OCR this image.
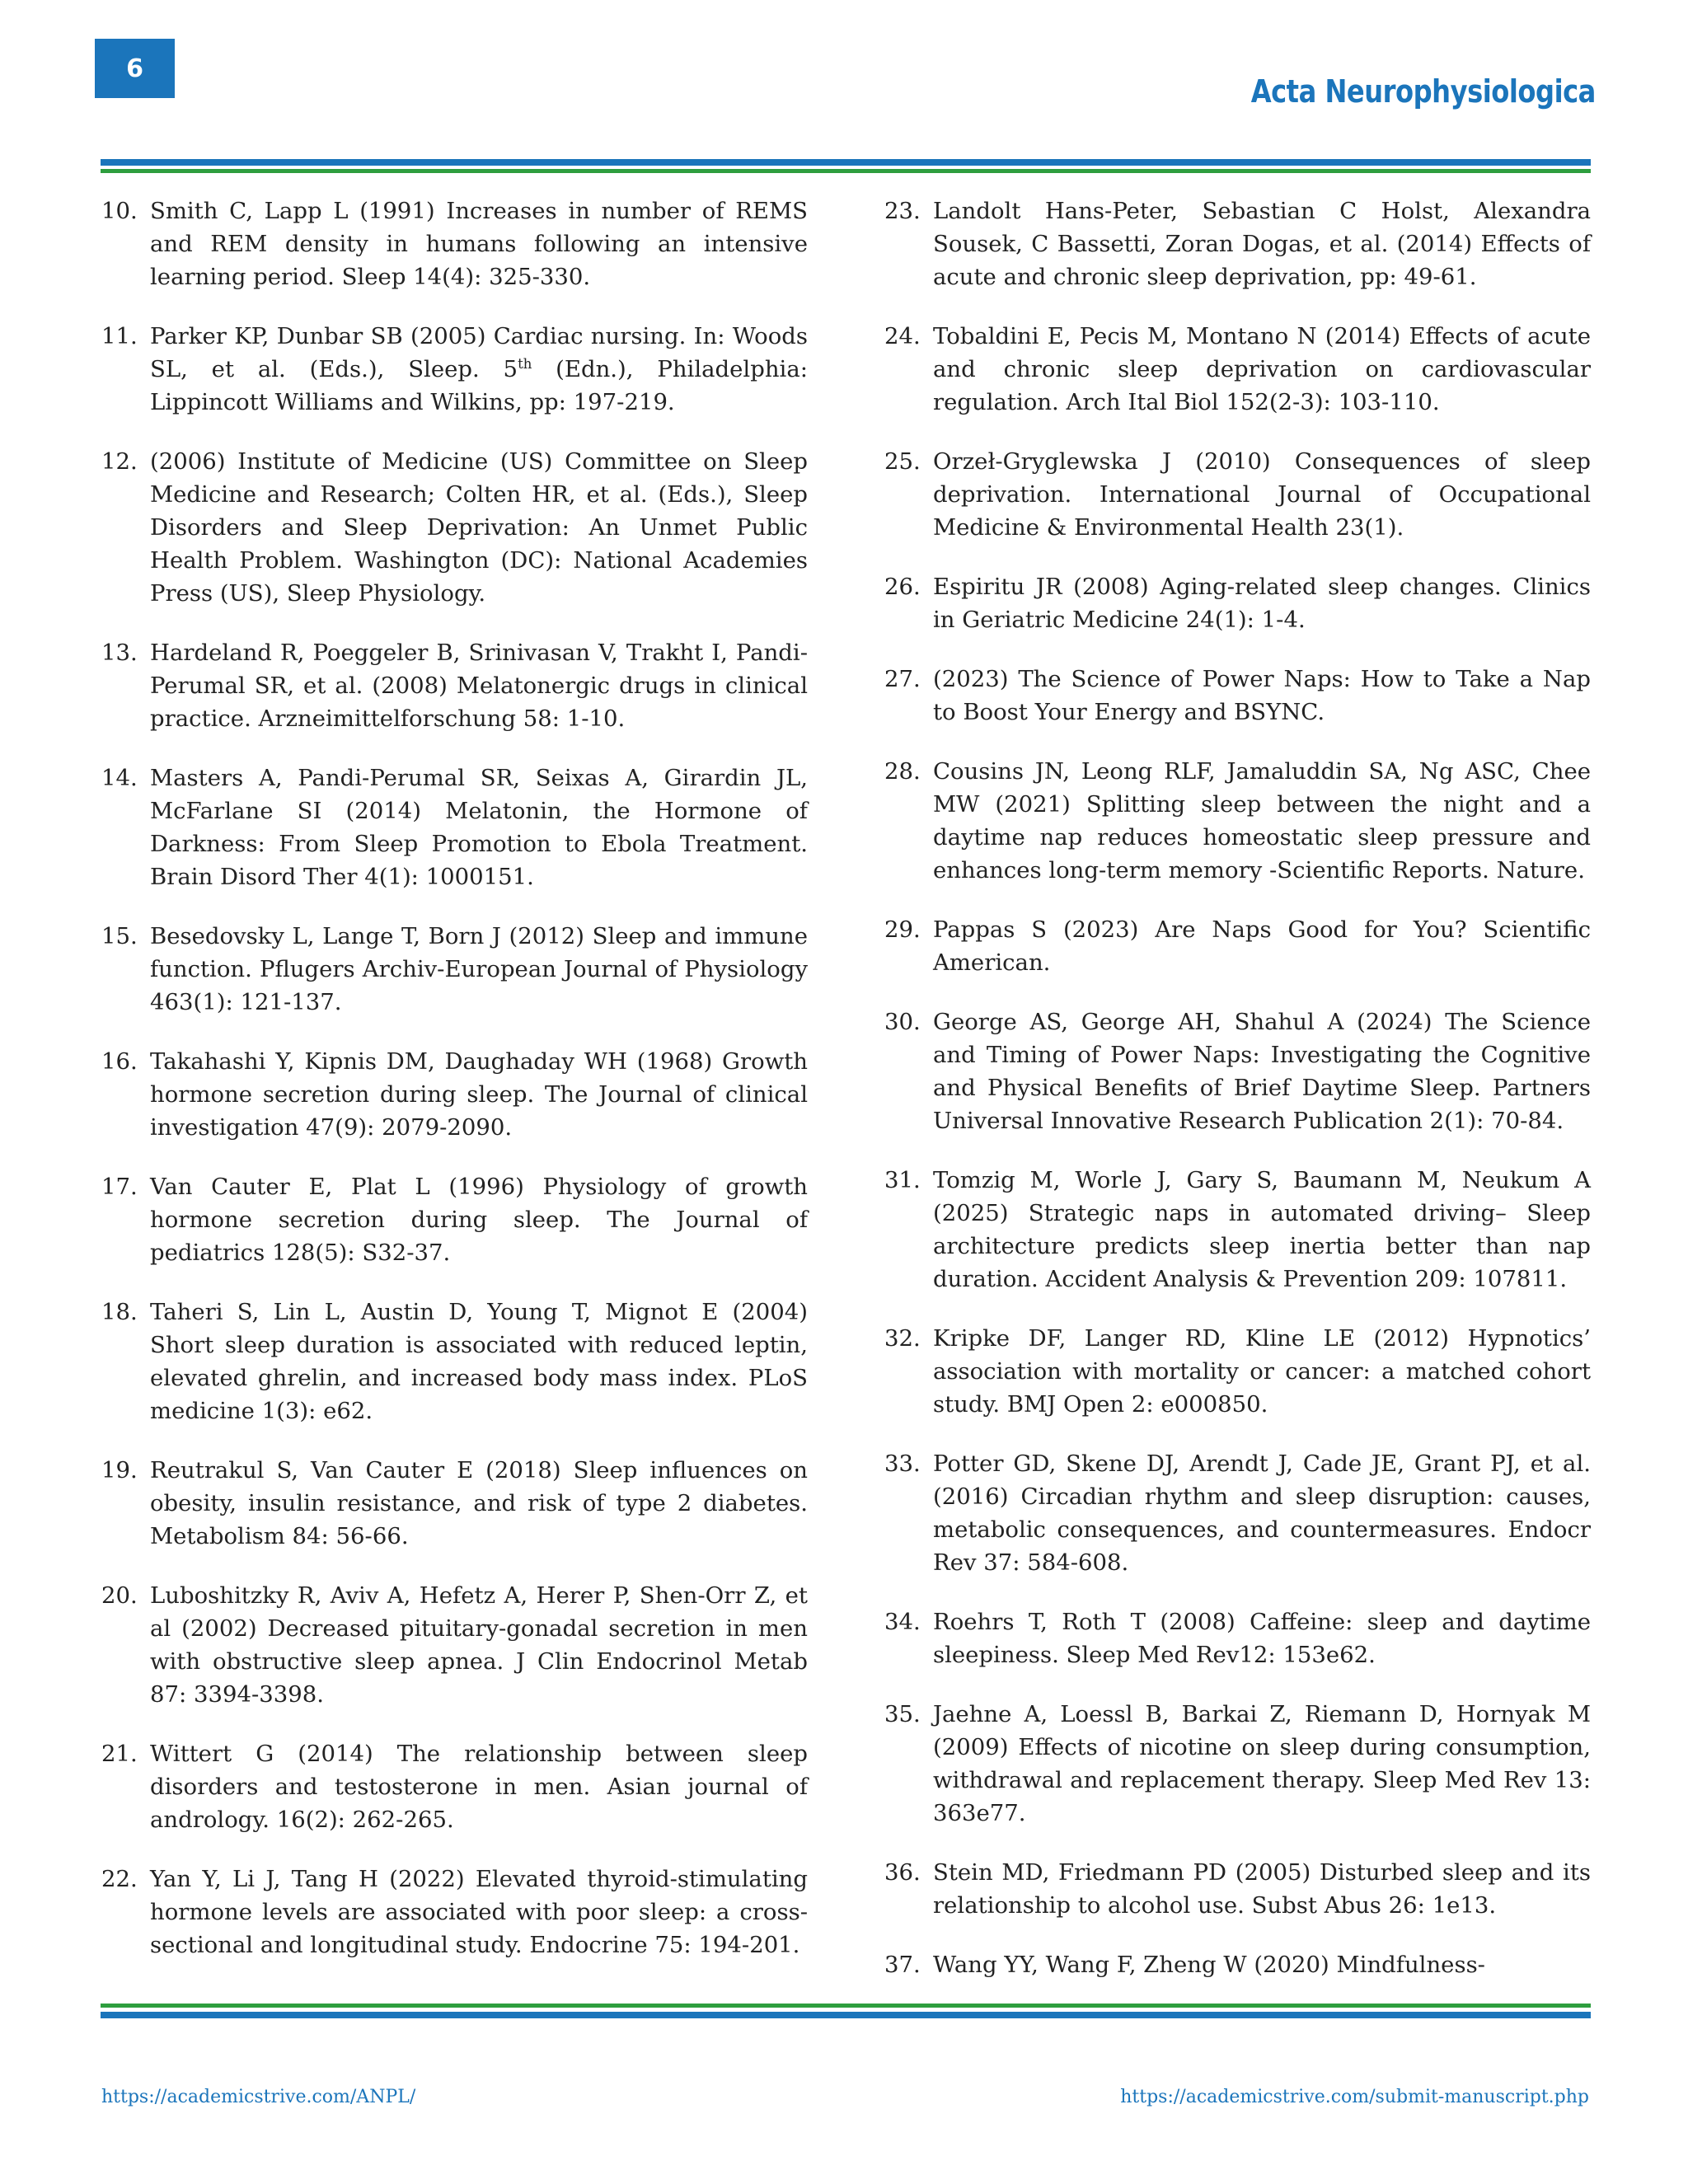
6
Acta Neurophysiologica
10. Smith C, Lapp L (1991) Increases in number of REMS and REM density in humans following an intensive learning period. Sleep 14(4): 325-330.
11. Parker KP, Dunbar SB (2005) Cardiac nursing. In: Woods SL, et al. (Eds.), Sleep. 5th (Edn.), Philadelphia: Lippincott Williams and Wilkins, pp: 197-219.
12. (2006) Institute of Medicine (US) Committee on Sleep Medicine and Research; Colten HR, et al. (Eds.), Sleep Disorders and Sleep Deprivation: An Unmet Public Health Problem. Washington (DC): National Academies Press (US), Sleep Physiology.
13. Hardeland R, Poeggeler B, Srinivasan V, Trakht I, Pandi-Perumal SR, et al. (2008) Melatonergic drugs in clinical practice. Arzneimittelforschung 58: 1-10.
14. Masters A, Pandi-Perumal SR, Seixas A, Girardin JL, McFarlane SI (2014) Melatonin, the Hormone of Darkness: From Sleep Promotion to Ebola Treatment. Brain Disord Ther 4(1): 1000151.
15. Besedovsky L, Lange T, Born J (2012) Sleep and immune function. Pflugers Archiv-European Journal of Physiology 463(1): 121-137.
16. Takahashi Y, Kipnis DM, Daughaday WH (1968) Growth hormone secretion during sleep. The Journal of clinical investigation 47(9): 2079-2090.
17. Van Cauter E, Plat L (1996) Physiology of growth hormone secretion during sleep. The Journal of pediatrics 128(5): S32-37.
18. Taheri S, Lin L, Austin D, Young T, Mignot E (2004) Short sleep duration is associated with reduced leptin, elevated ghrelin, and increased body mass index. PLoS medicine 1(3): e62.
19. Reutrakul S, Van Cauter E (2018) Sleep influences on obesity, insulin resistance, and risk of type 2 diabetes. Metabolism 84: 56-66.
20. Luboshitzky R, Aviv A, Hefetz A, Herer P, Shen-Orr Z, et al (2002) Decreased pituitary-gonadal secretion in men with obstructive sleep apnea. J Clin Endocrinol Metab 87: 3394-3398.
21. Wittert G (2014) The relationship between sleep disorders and testosterone in men. Asian journal of andrology. 16(2): 262-265.
22. Yan Y, Li J, Tang H (2022) Elevated thyroid-stimulating hormone levels are associated with poor sleep: a cross-sectional and longitudinal study. Endocrine 75: 194-201.
23. Landolt Hans-Peter, Sebastian C Holst, Alexandra Sousek, C Bassetti, Zoran Dogas, et al. (2014) Effects of acute and chronic sleep deprivation, pp: 49-61.
24. Tobaldini E, Pecis M, Montano N (2014) Effects of acute and chronic sleep deprivation on cardiovascular regulation. Arch Ital Biol 152(2-3): 103-110.
25. Orzeł-Gryglewska J (2010) Consequences of sleep deprivation. International Journal of Occupational Medicine & Environmental Health 23(1).
26. Espiritu JR (2008) Aging-related sleep changes. Clinics in Geriatric Medicine 24(1): 1-4.
27. (2023) The Science of Power Naps: How to Take a Nap to Boost Your Energy and BSYNC.
28. Cousins JN, Leong RLF, Jamaluddin SA, Ng ASC, Chee MW (2021) Splitting sleep between the night and a daytime nap reduces homeostatic sleep pressure and enhances long-term memory -Scientific Reports. Nature.
29. Pappas S (2023) Are Naps Good for You? Scientific American.
30. George AS, George AH, Shahul A (2024) The Science and Timing of Power Naps: Investigating the Cognitive and Physical Benefits of Brief Daytime Sleep. Partners Universal Innovative Research Publication 2(1): 70-84.
31. Tomzig M, Worle J, Gary S, Baumann M, Neukum A (2025) Strategic naps in automated driving– Sleep architecture predicts sleep inertia better than nap duration. Accident Analysis & Prevention 209: 107811.
32. Kripke DF, Langer RD, Kline LE (2012) Hypnotics’ association with mortality or cancer: a matched cohort study. BMJ Open 2: e000850.
33. Potter GD, Skene DJ, Arendt J, Cade JE, Grant PJ, et al. (2016) Circadian rhythm and sleep disruption: causes, metabolic consequences, and countermeasures. Endocr Rev 37: 584-608.
34. Roehrs T, Roth T (2008) Caffeine: sleep and daytime sleepiness. Sleep Med Rev12: 153e62.
35. Jaehne A, Loessl B, Barkai Z, Riemann D, Hornyak M (2009) Effects of nicotine on sleep during consumption, withdrawal and replacement therapy. Sleep Med Rev 13: 363e77.
36. Stein MD, Friedmann PD (2005) Disturbed sleep and its relationship to alcohol use. Subst Abus 26: 1e13.
37. Wang YY, Wang F, Zheng W (2020) Mindfulness-
https://academicstrive.com/ANPL/	https://academicstrive.com/submit-manuscript.php
